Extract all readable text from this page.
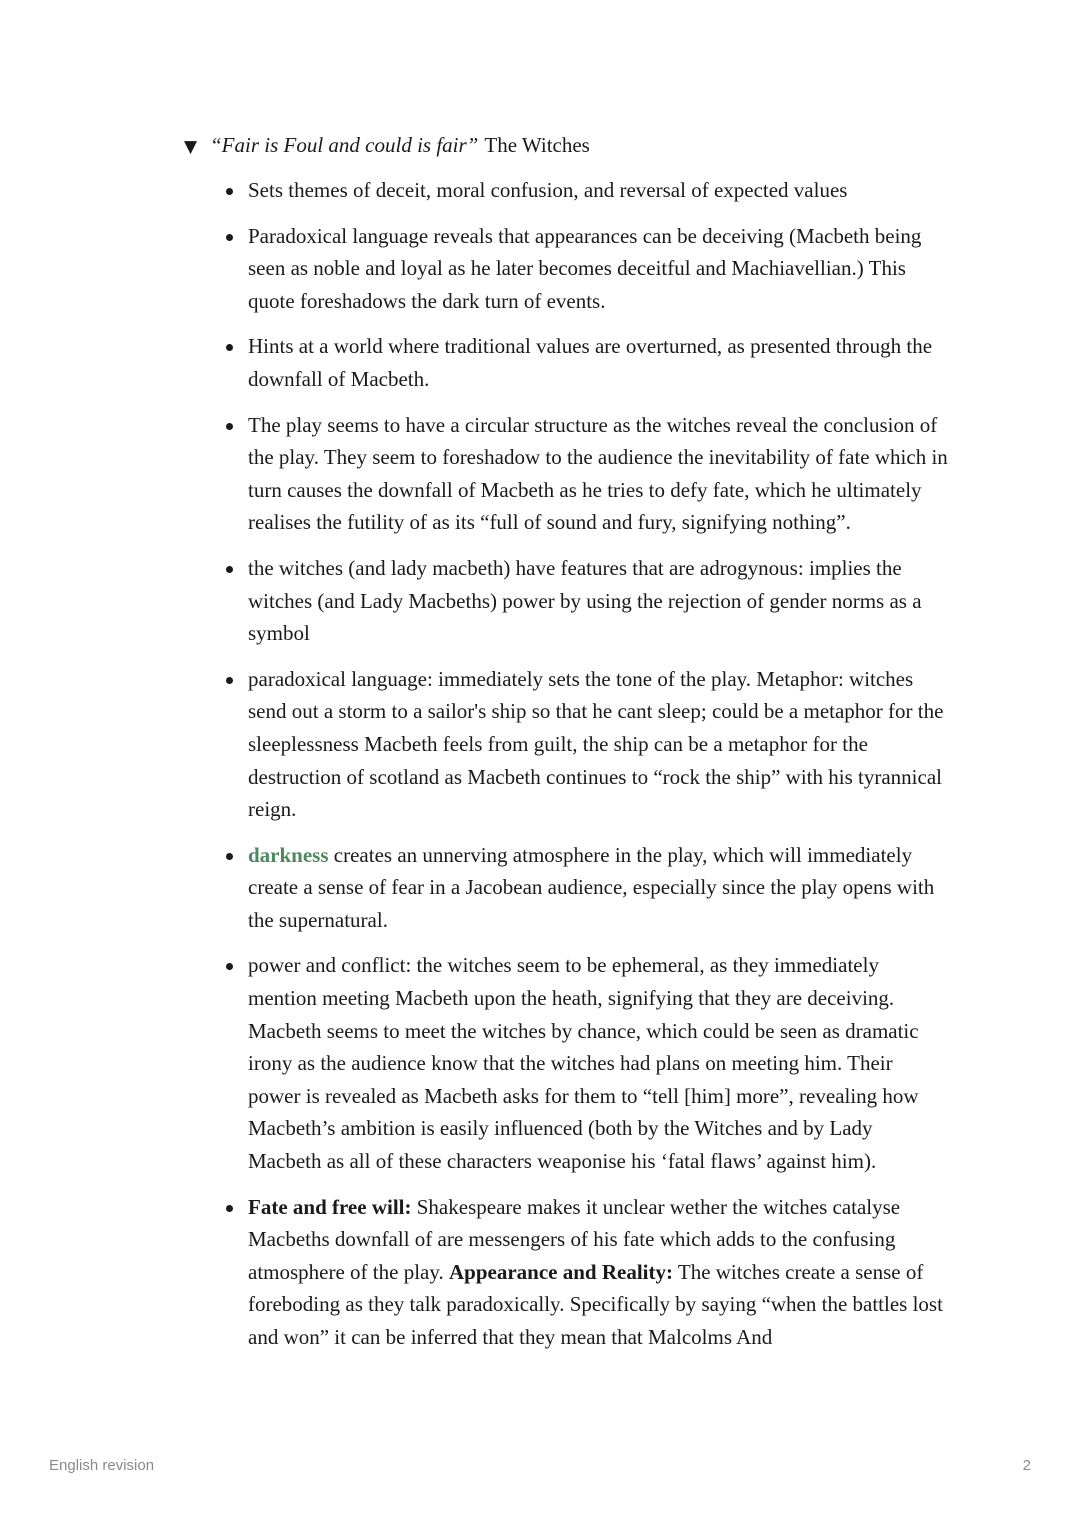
▼ “Fair is Foul and could is fair” The Witches
Sets themes of deceit, moral confusion, and reversal of expected values
Paradoxical language reveals that appearances can be deceiving (Macbeth being seen as noble and loyal as he later becomes deceitful and Machiavellian.) This quote foreshadows the dark turn of events.
Hints at a world where traditional values are overturned, as presented through the downfall of Macbeth.
The play seems to have a circular structure as the witches reveal the conclusion of the play. They seem to foreshadow to the audience the inevitability of fate which in turn causes the downfall of Macbeth as he tries to defy fate, which he ultimately realises the futility of as its “full of sound and fury, signifying nothing”.
the witches (and lady macbeth) have features that are adrogynous: implies the witches (and Lady Macbeths) power by using the rejection of gender norms as a symbol
paradoxical language: immediately sets the tone of the play. Metaphor: witches send out a storm to a sailor's ship so that he cant sleep; could be a metaphor for the sleeplessness Macbeth feels from guilt, the ship can be a metaphor for the destruction of scotland as Macbeth continues to “rock the ship” with his tyrannical reign.
darkness creates an unnerving atmosphere in the play, which will immediately create a sense of fear in a Jacobean audience, especially since the play opens with the supernatural.
power and conflict: the witches seem to be ephemeral, as they immediately mention meeting Macbeth upon the heath, signifying that they are deceiving. Macbeth seems to meet the witches by chance, which could be seen as dramatic irony as the audience know that the witches had plans on meeting him. Their power is revealed as Macbeth asks for them to “tell [him] more”, revealing how Macbeth’s ambition is easily influenced (both by the Witches and by Lady Macbeth as all of these characters weaponise his ‘fatal flaws’ against him).
Fate and free will: Shakespeare makes it unclear wether the witches catalyse Macbeths downfall of are messengers of his fate which adds to the confusing atmosphere of the play. Appearance and Reality: The witches create a sense of foreboding as they talk paradoxically. Specifically by saying “when the battles lost and won” it can be inferred that they mean that Malcolms And
English revision	2
